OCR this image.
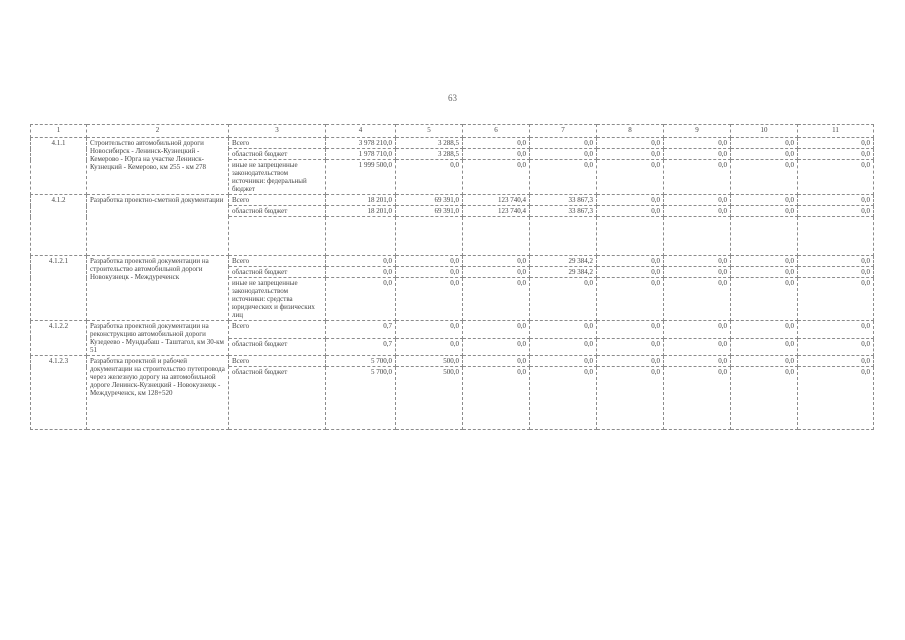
63
1	2	3	4	5	6	7	8	9	10	11
4.1.1	Строительство автомобильной дороги Новосибирск - Ленинск-Кузнецкий - Кемерово - Юрга на участке Ленинск-Кузнецкий - Кемерово, км 255 - км 278	Всего	3 978 210,0	3 288,5	0,0	0,0	0,0	0,0	0,0	0,0
		областной бюджет	1 978 710,0	3 288,5	0,0	0,0	0,0	0,0	0,0	0,0
		иные не запрещенные законодательством источники: федеральный бюджет	1 999 500,0	0,0	0,0	0,0	0,0	0,0	0,0	0,0
4.1.2	Разработка проектно-сметной документации	Всего	18 201,0	69 391,0	123 740,4	33 867,3	0,0	0,0	0,0	0,0
		областной бюджет	18 201,0	69 391,0	123 740,4	33 867,3	0,0	0,0	0,0	0,0

4.1.2.1	Разработка проектной документации на строительство автомобильной дороги Новокузнецк - Междуреченск	Всего	0,0	0,0	0,0	29 384,2	0,0	0,0	0,0	0,0
		областной бюджет	0,0	0,0	0,0	29 384,2	0,0	0,0	0,0	0,0
		иные не запрещенные законодательством источники: средства юридических и физических лиц	0,0	0,0	0,0	0,0	0,0	0,0	0,0	0,0
4.1.2.2	Разработка проектной документации на реконструкцию автомобильной дороги Кузедеево - Мундыбаш - Таштагол, км 30-км 51	Всего	0,7	0,0	0,0	0,0	0,0	0,0	0,0	0,0
		областной бюджет	0,7	0,0	0,0	0,0	0,0	0,0	0,0	0,0
4.1.2.3	Разработка проектной и рабочей документации на строительство путепровода через железную дорогу на автомобильной дороге Ленинск-Кузнецкий - Новокузнецк - Междуреченск, км 128+520	Всего	5 700,0	500,0	0,0	0,0	0,0	0,0	0,0	0,0
		областной бюджет	5 700,0	500,0	0,0	0,0	0,0	0,0	0,0	0,0
